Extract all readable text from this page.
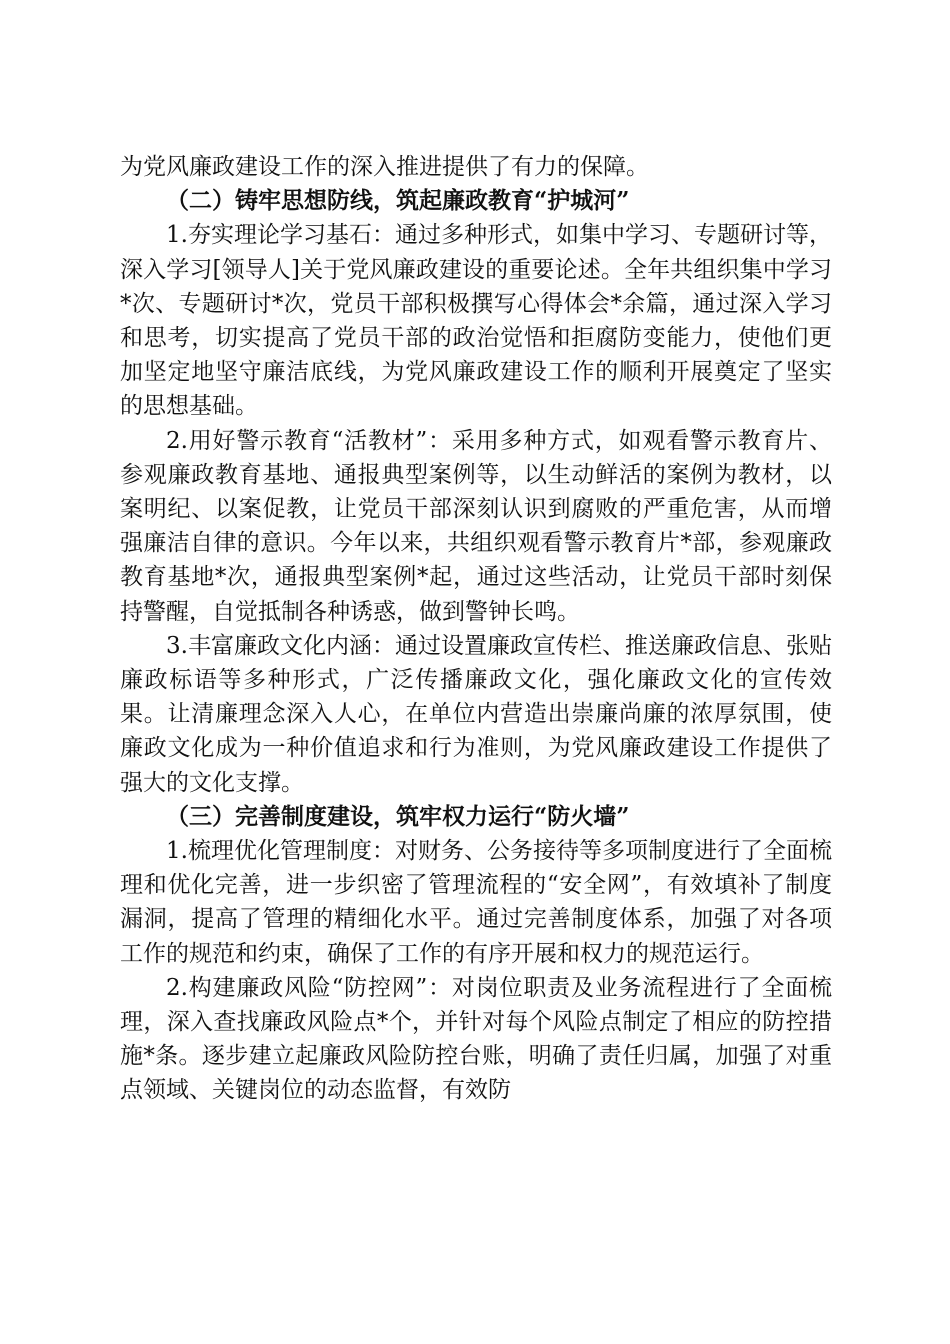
为党风廉政建设工作的深入推进提供了有力的保障。

（二）铸牢思想防线，筑起廉政教育“护城河”

1.夯实理论学习基石：通过多种形式，如集中学习、专题研讨等，深入学习[领导人]关于党风廉政建设的重要论述。全年共组织集中学习*次、专题研讨*次，党员干部积极撰写心得体会*余篇，通过深入学习和思考，切实提高了党员干部的政治觉悟和拒腐防变能力，使他们更加坚定地坚守廉洁底线，为党风廉政建设工作的顺利开展奠定了坚实的思想基础。

2.用好警示教育“活教材”：采用多种方式，如观看警示教育片、参观廉政教育基地、通报典型案例等，以生动鲜活的案例为教材，以案明纪、以案促教，让党员干部深刻认识到腐败的严重危害，从而增强廉洁自律的意识。今年以来，共组织观看警示教育片*部，参观廉政教育基地*次，通报典型案例*起，通过这些活动，让党员干部时刻保持警醒，自觉抵制各种诱惑，做到警钟长鸣。

3.丰富廉政文化内涵：通过设置廉政宣传栏、推送廉政信息、张贴廉政标语等多种形式，广泛传播廉政文化，强化廉政文化的宣传效果。让清廉理念深入人心，在单位内营造出崇廉尚廉的浓厚氛围，使廉政文化成为一种价值追求和行为准则，为党风廉政建设工作提供了强大的文化支撑。

（三）完善制度建设，筑牢权力运行“防火墙”

1.梳理优化管理制度：对财务、公务接待等多项制度进行了全面梳理和优化完善，进一步织密了管理流程的“安全网”，有效填补了制度漏洞，提高了管理的精细化水平。通过完善制度体系，加强了对各项工作的规范和约束，确保了工作的有序开展和权力的规范运行。

2.构建廉政风险“防控网”：对岗位职责及业务流程进行了全面梳理，深入查找廉政风险点*个，并针对每个风险点制定了相应的防控措施*条。逐步建立起廉政风险防控台账，明确了责任归属，加强了对重点领域、关键岗位的动态监督，有效防
